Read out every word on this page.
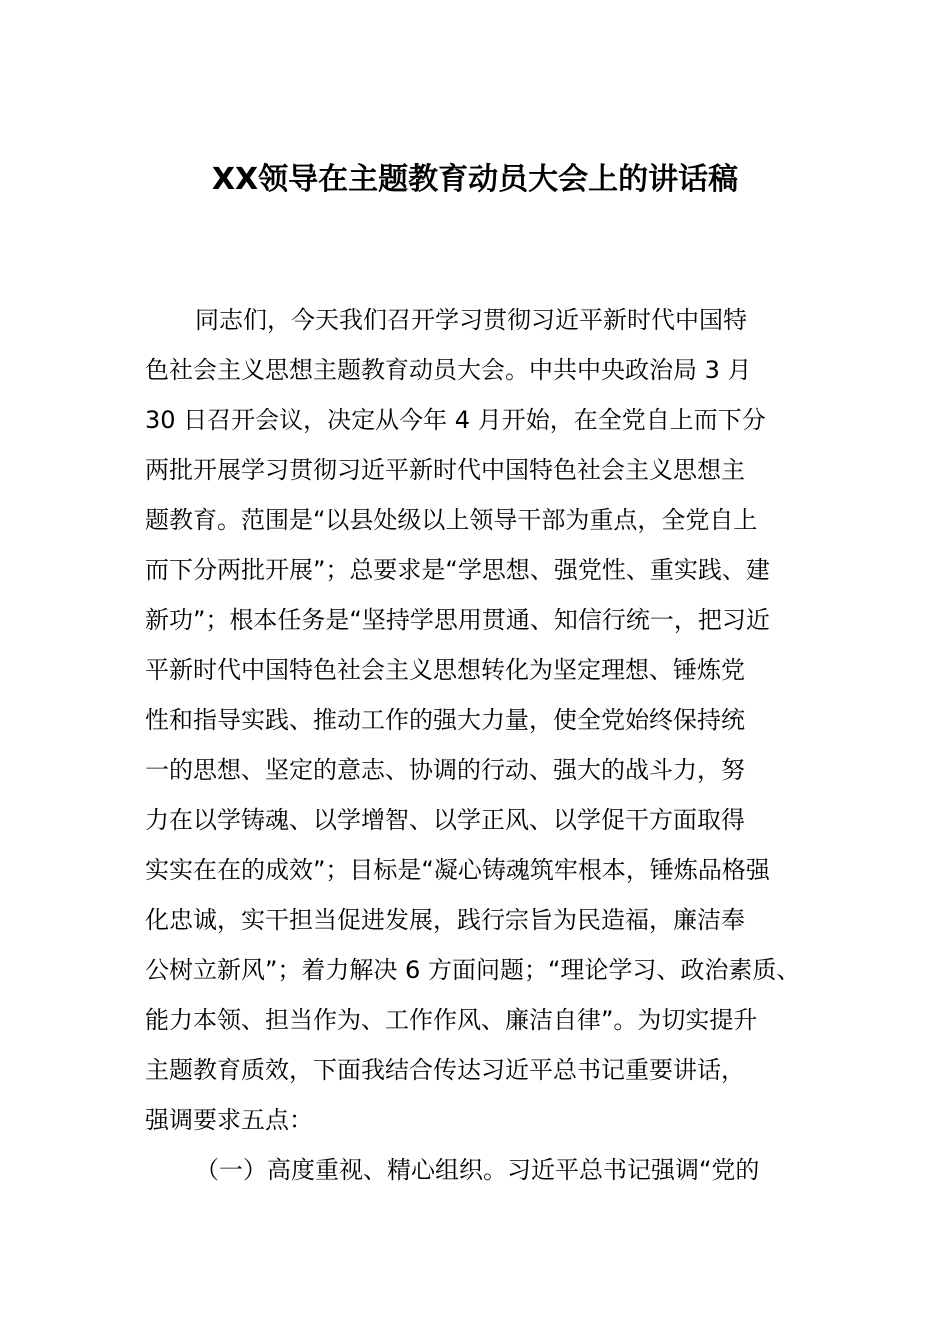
XX领导在主题教育动员大会上的讲话稿
同志们，今天我们召开学习贯彻习近平新时代中国特
色社会主义思想主题教育动员大会。中共中央政治局 3 月
30 日召开会议，决定从今年 4 月开始，在全党自上而下分
两批开展学习贯彻习近平新时代中国特色社会主义思想主
题教育。范围是“以县处级以上领导干部为重点，全党自上
而下分两批开展”；总要求是“学思想、强党性、重实践、建
新功”；根本任务是“坚持学思用贯通、知信行统一，把习近
平新时代中国特色社会主义思想转化为坚定理想、锤炼党
性和指导实践、推动工作的强大力量，使全党始终保持统
一的思想、坚定的意志、协调的行动、强大的战斗力，努
力在以学铸魂、以学增智、以学正风、以学促干方面取得
实实在在的成效”；目标是“凝心铸魂筑牢根本，锤炼品格强
化忠诚，实干担当促进发展，践行宗旨为民造福，廉洁奉
公树立新风”；着力解决 6 方面问题；“理论学习、政治素质、
能力本领、担当作为、工作作风、廉洁自律”。为切实提升
主题教育质效，下面我结合传达习近平总书记重要讲话，
强调要求五点：
（一）高度重视、精心组织。习近平总书记强调“党的
